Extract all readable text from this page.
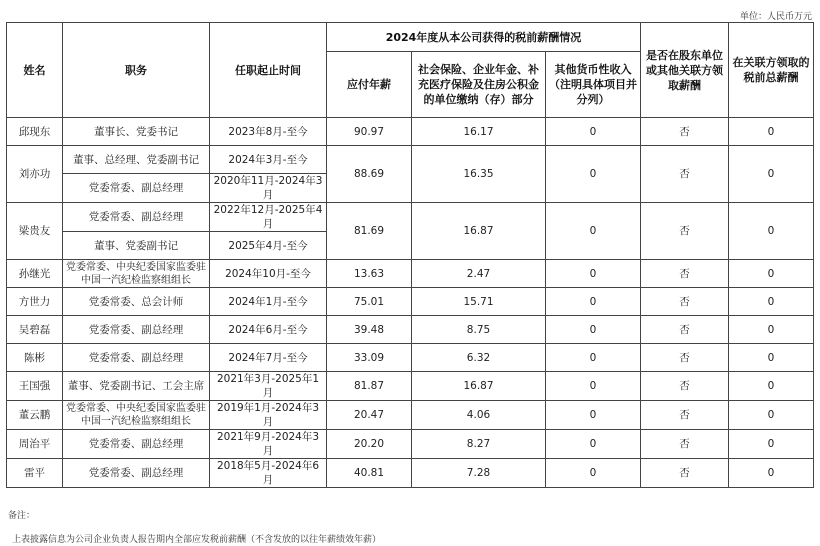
单位：人民币万元
姓名	职务	任职起止时间	2024年度从本公司获得的税前薪酬情况			是否在股东单位或其他关联方领取薪酬	在关联方领取的税前总薪酬
			应付年薪	社会保险、企业年金、补充医疗保险及住房公积金的单位缴纳（存）部分	其他货币性收入（注明具体项目并分列）		
邱现东	董事长、党委书记	2023年8月-至今	90.97	16.17	0	否	0
刘亦功	董事、总经理、党委副书记	2024年3月-至今	88.69	16.35	0	否	0
	党委常委、副总经理	2020年11月-2024年3月					
梁贵友	党委常委、副总经理	2022年12月-2025年4月	81.69	16.87	0	否	0
	董事、党委副书记	2025年4月-至今					
孙继光	党委常委、中央纪委国家监委驻中国一汽纪检监察组组长	2024年10月-至今	13.63	2.47	0	否	0
方世力	党委常委、总会计师	2024年1月-至今	75.01	15.71	0	否	0
吴碧磊	党委常委、副总经理	2024年6月-至今	39.48	8.75	0	否	0
陈彬	党委常委、副总经理	2024年7月-至今	33.09	6.32	0	否	0
王国强	董事、党委副书记、工会主席	2021年3月-2025年1月	81.87	16.87	0	否	0
董云鹏	党委常委、中央纪委国家监委驻中国一汽纪检监察组组长	2019年1月-2024年3月	20.47	4.06	0	否	0
周治平	党委常委、副总经理	2021年9月-2024年3月	20.20	8.27	0	否	0
雷平	党委常委、副总经理	2018年5月-2024年6月	40.81	7.28	0	否	0
备注：
上表披露信息为公司企业负责人报告期内全部应发税前薪酬（不含发放的以往年薪绩效年薪）
